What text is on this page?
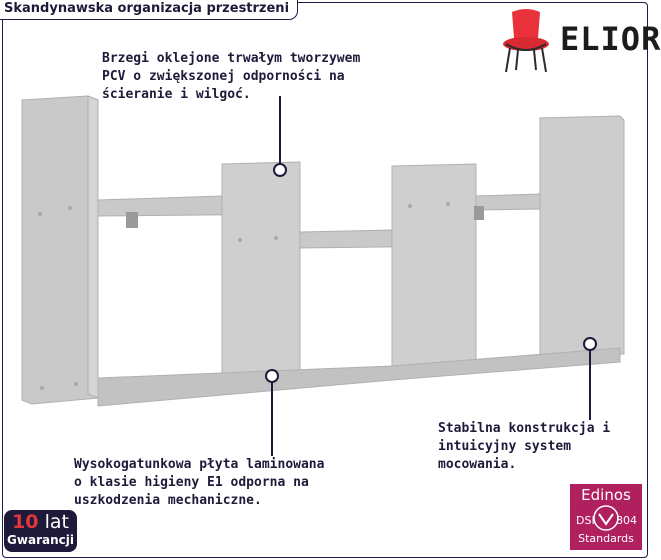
Skandynawska organizacja przestrzeni
ELIOR
Brzegi oklejone trwałym tworzywem
PCV o zwiększonej odporności na
ścieranie i wilgoć.
Wysokogatunkowa płyta laminowana
o klasie higieny E1 odporna na
uszkodzenia mechaniczne.
Stabilna konstrukcja i
intuicyjny system
mocowania.
10 lat
Gwarancji
Edinos
DSI 804
Standards
